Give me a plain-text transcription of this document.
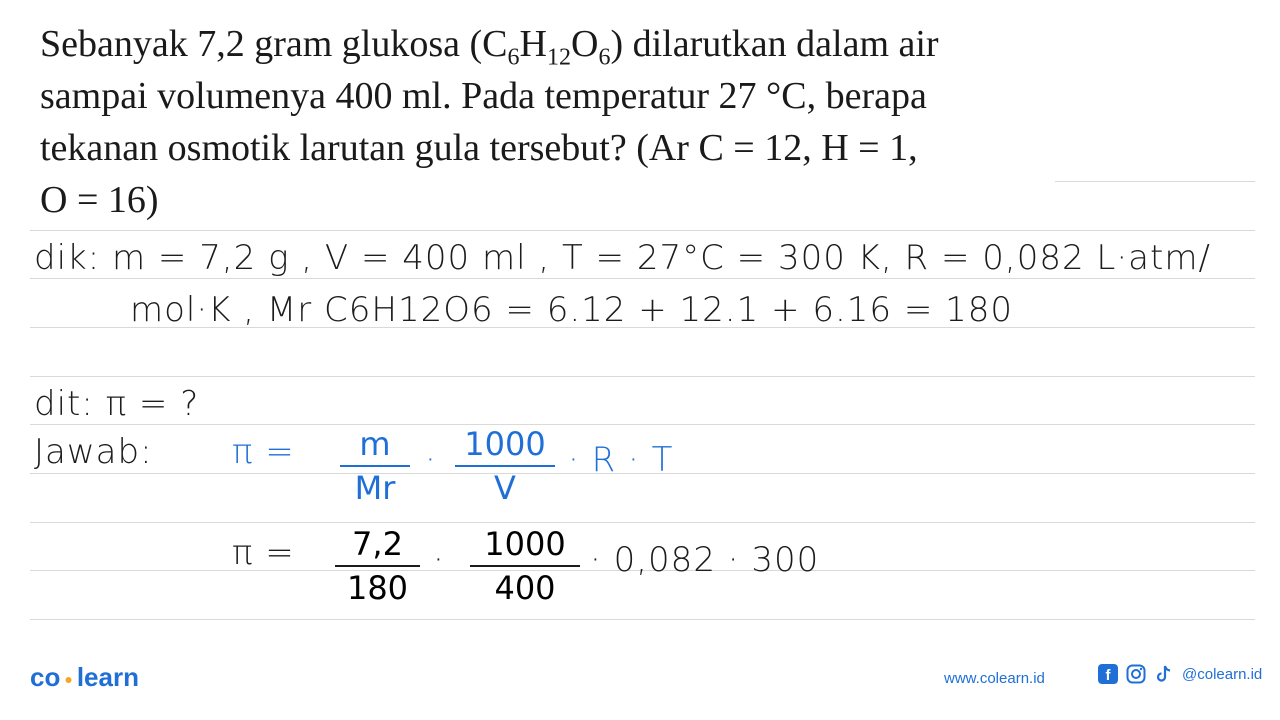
Sebanyak 7,2 gram glukosa $(C_6H_{12}O_6)$ dilarutkan dalam air
sampai volumenya 400 ml. Pada temperatur 27 °C, berapa
tekanan osmotik larutan gula tersebut? (Ar C = 12, H = 1,
O = 16)
dik: m = 7,2 g , V = 400 ml , T = 27°C = 300 K, R = 0,082 L·atm/
mol·K , Mr C6H12O6 = 6.12 + 12.1 + 6.16 = 180
dit: π = ?
Jawab: π =	m
Mr
· 1000
V
· R · T
π =	7,2
180
·	1000
400
· 0,082 · 300
co ● learn	www.colearn.id	f	@colearn.id
